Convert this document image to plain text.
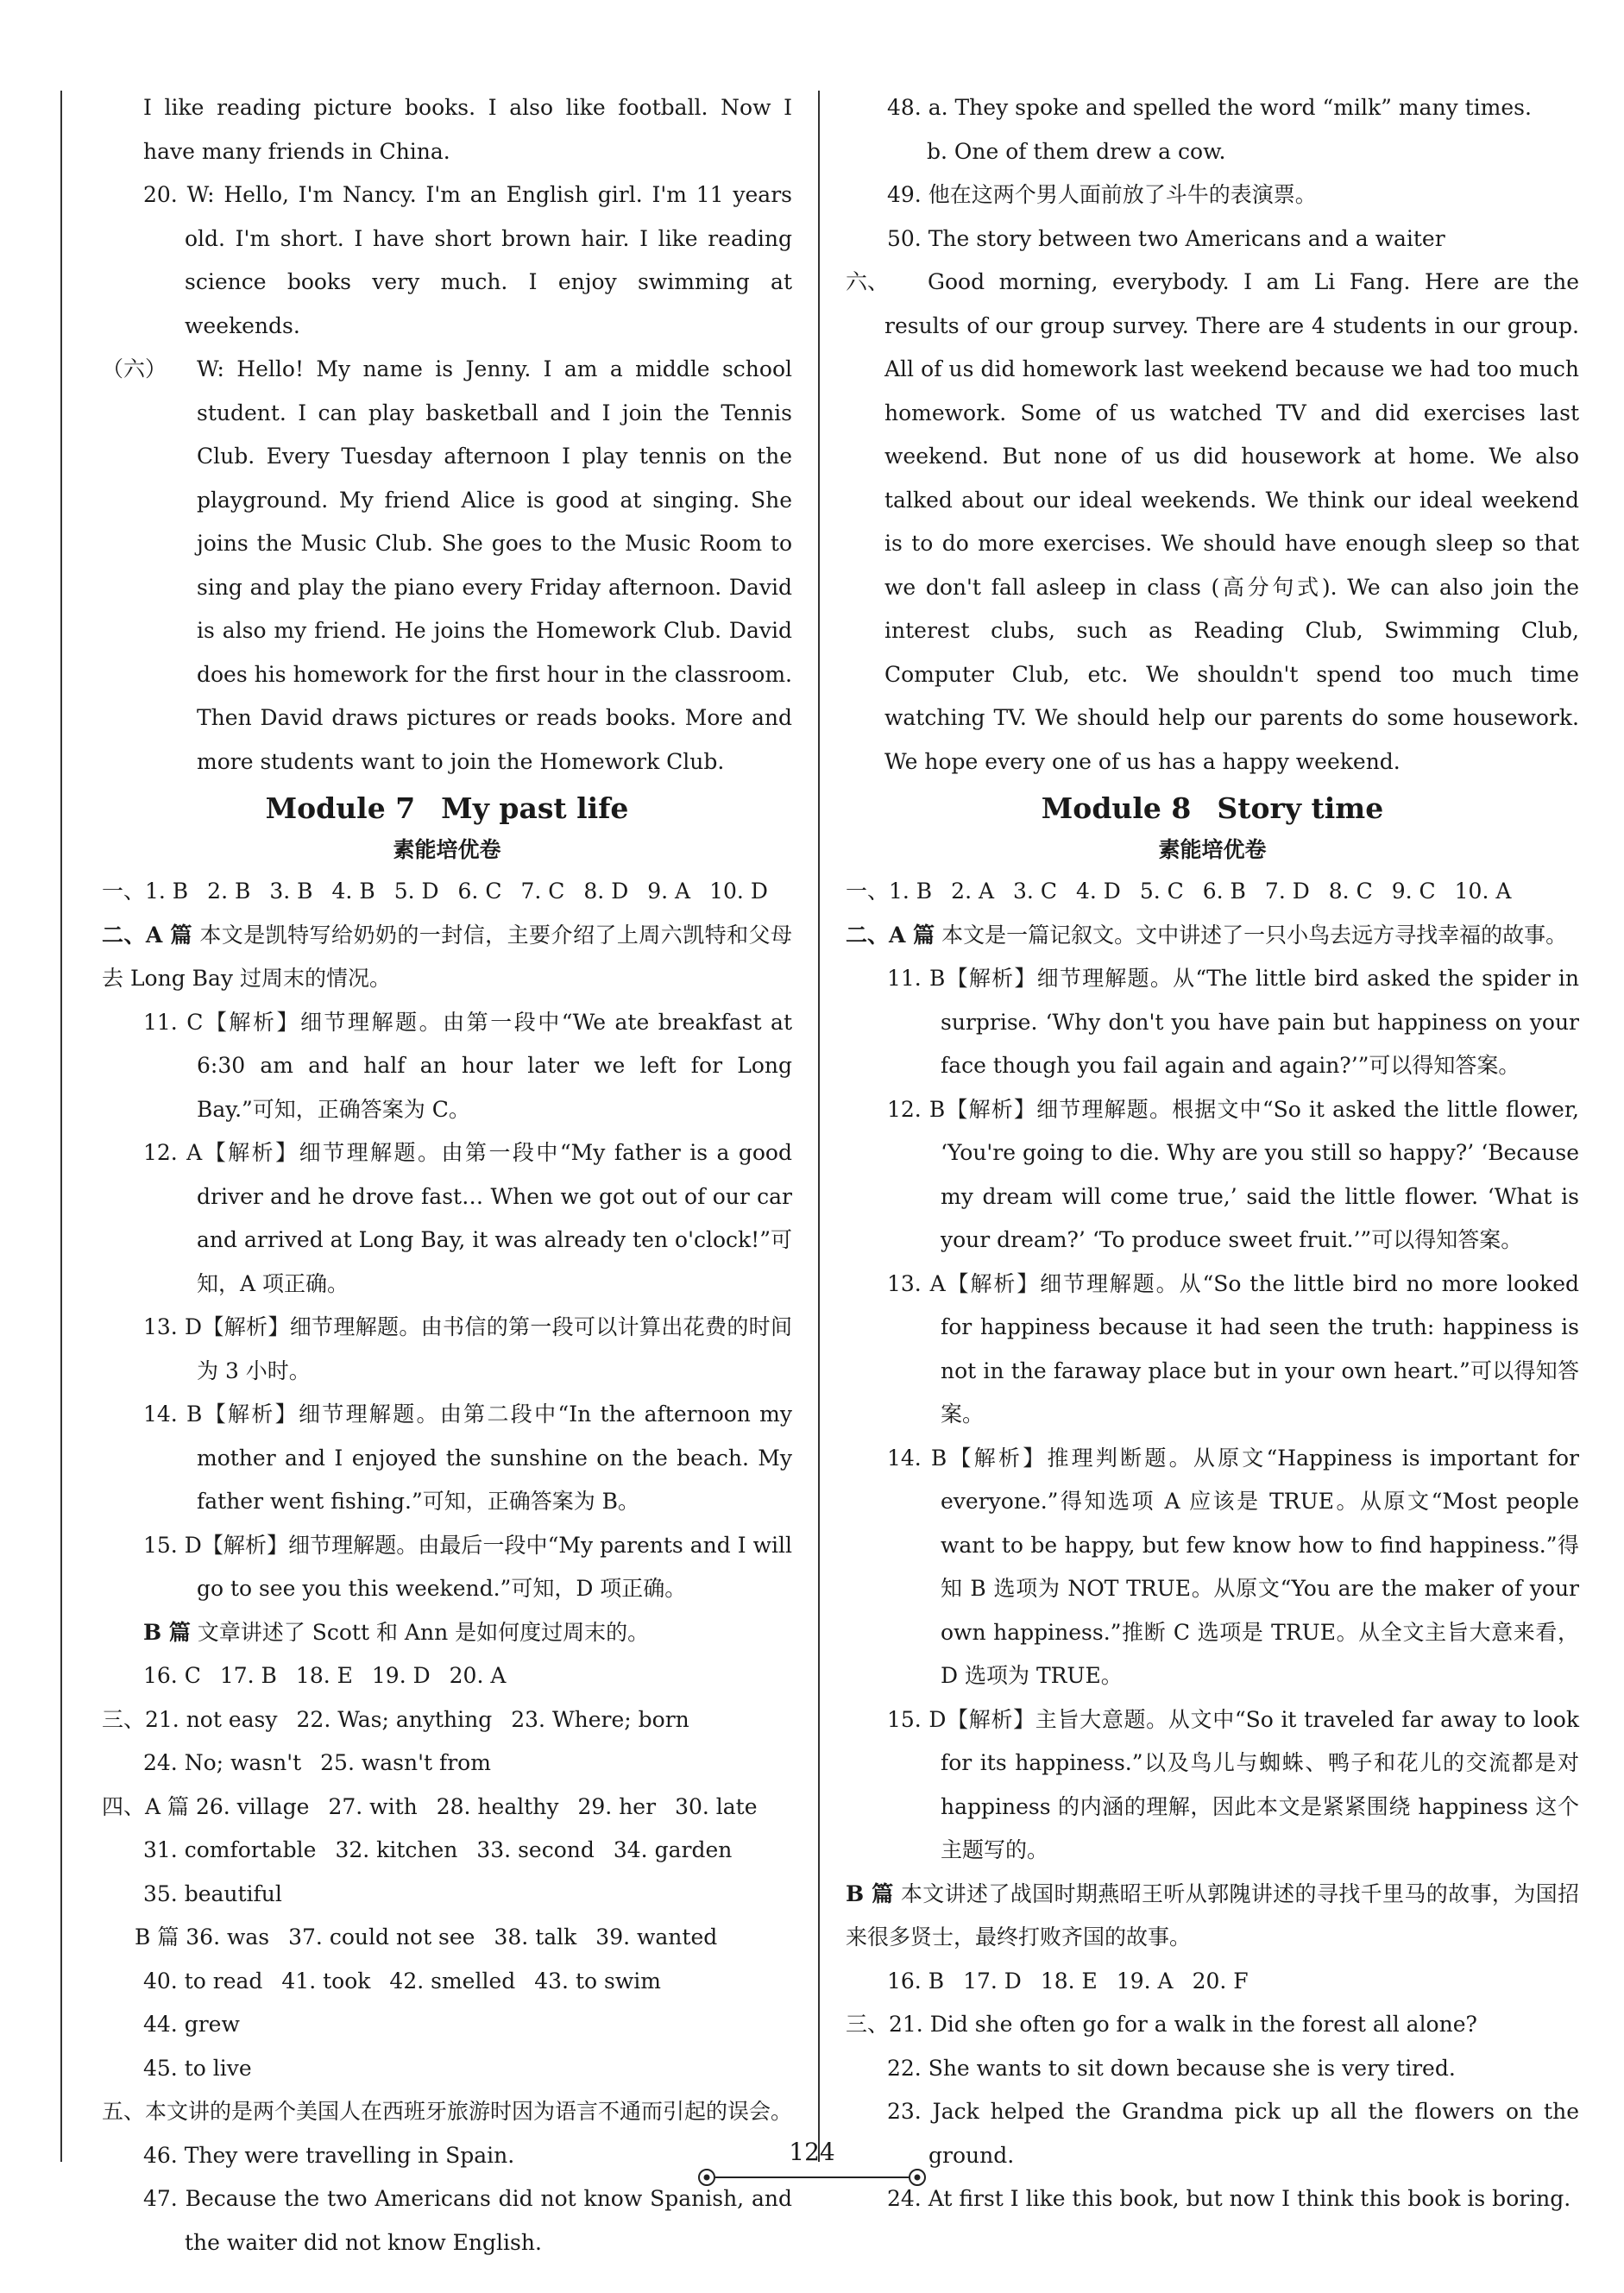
I like reading picture books. I also like football. Now I have many friends in China.

20. W: Hello, I'm Nancy. I'm an English girl. I'm 11 years old. I'm short. I have short brown hair. I like reading science books very much. I enjoy swimming at weekends.

（六） W: Hello! My name is Jenny. I am a middle school student. I can play basketball and I join the Tennis Club. Every Tuesday afternoon I play tennis on the playground. My friend Alice is good at singing. She joins the Music Club. She goes to the Music Room to sing and play the piano every Friday afternoon. David is also my friend. He joins the Homework Club. David does his homework for the first hour in the classroom. Then David draws pictures or reads books. More and more students want to join the Homework Club.

Module 7 My past life

素能培优卷

一、1. B 2. B 3. B 4. B 5. D 6. C 7. C 8. D 9. A 10. D

二、A 篇 本文是凯特写给奶奶的一封信，主要介绍了上周六凯特和父母去 Long Bay 过周末的情况。

11. C【解析】细节理解题。由第一段中“We ate breakfast at 6:30 am and half an hour later we left for Long Bay.”可知，正确答案为 C。

12. A【解析】细节理解题。由第一段中“My father is a good driver and he drove fast… When we got out of our car and arrived at Long Bay, it was already ten o'clock!”可知，A 项正确。

13. D【解析】细节理解题。由书信的第一段可以计算出花费的时间为 3 小时。

14. B【解析】细节理解题。由第二段中“In the afternoon my mother and I enjoyed the sunshine on the beach. My father went fishing.”可知，正确答案为 B。

15. D【解析】细节理解题。由最后一段中“My parents and I will go to see you this weekend.”可知，D 项正确。

B 篇 文章讲述了 Scott 和 Ann 是如何度过周末的。

16. C 17. B 18. E 19. D 20. A

三、21. not easy 22. Was; anything 23. Where; born

24. No; wasn't 25. wasn't from

四、A 篇 26. village 27. with 28. healthy 29. her 30. late

31. comfortable 32. kitchen 33. second 34. garden

35. beautiful

B 篇 36. was 37. could not see 38. talk 39. wanted

40. to read 41. took 42. smelled 43. to swim44. grew

45. to live

五、本文讲的是两个美国人在西班牙旅游时因为语言不通而引起的误会。

46. They were travelling in Spain.

47. Because the two Americans did not know Spanish, and the waiter did not know English.

48. a. They spoke and spelled the word “milk” many times.

b. One of them drew a cow.

49. 他在这两个男人面前放了斗牛的表演票。

50. The story between two Americans and a waiter

六、 Good morning, everybody. I am Li Fang. Here are the results of our group survey. There are 4 students in our group. All of us did homework last weekend because we had too much homework. Some of us watched TV and did exercises last weekend. But none of us did housework at home. We also talked about our ideal weekends. We think our ideal weekend is to do more exercises. We should have enough sleep so that we don't fall asleep in class (高分句式). We can also join the interest clubs, such as Reading Club, Swimming Club, Computer Club, etc. We shouldn't spend too much time watching TV. We should help our parents do some housework. We hope every one of us has a happy weekend.

Module 8 Story time

素能培优卷

一、1. B 2. A 3. C 4. D 5. C 6. B 7. D 8. C 9. C 10. A

二、A 篇 本文是一篇记叙文。文中讲述了一只小鸟去远方寻找幸福的故事。

11. B【解析】细节理解题。从“The little bird asked the spider in surprise. ‘Why don't you have pain but happiness on your face though you fail again and again?’”可以得知答案。

12. B【解析】细节理解题。根据文中“So it asked the little flower, ‘You're going to die. Why are you still so happy?’ ‘Because my dream will come true,’ said the little flower. ‘What is your dream?’ ‘To produce sweet fruit.’”可以得知答案。

13. A【解析】细节理解题。从“So the little bird no more looked for happiness because it had seen the truth: happiness is not in the faraway place but in your own heart.”可以得知答案。

14. B【解析】推理判断题。从原文“Happiness is important for everyone.”得知选项 A 应该是 TRUE。从原文“Most people want to be happy, but few know how to find happiness.”得知 B 选项为 NOT TRUE。从原文“You are the maker of your own happiness.”推断 C 选项是 TRUE。从全文主旨大意来看，D 选项为 TRUE。

15. D【解析】主旨大意题。从文中“So it traveled far away to look for its happiness.”以及鸟儿与蜘蛛、鸭子和花儿的交流都是对 happiness 的内涵的理解，因此本文是紧紧围绕 happiness 这个主题写的。

B 篇 本文讲述了战国时期燕昭王听从郭隗讲述的寻找千里马的故事，为国招来很多贤士，最终打败齐国的故事。

16. B 17. D 18. E 19. A 20. F

三、21. Did she often go for a walk in the forest all alone?

22. She wants to sit down because she is very tired.

23. Jack helped the Grandma pick up all the flowers on the ground.

24. At first I like this book, but now I think this book is boring.

124
